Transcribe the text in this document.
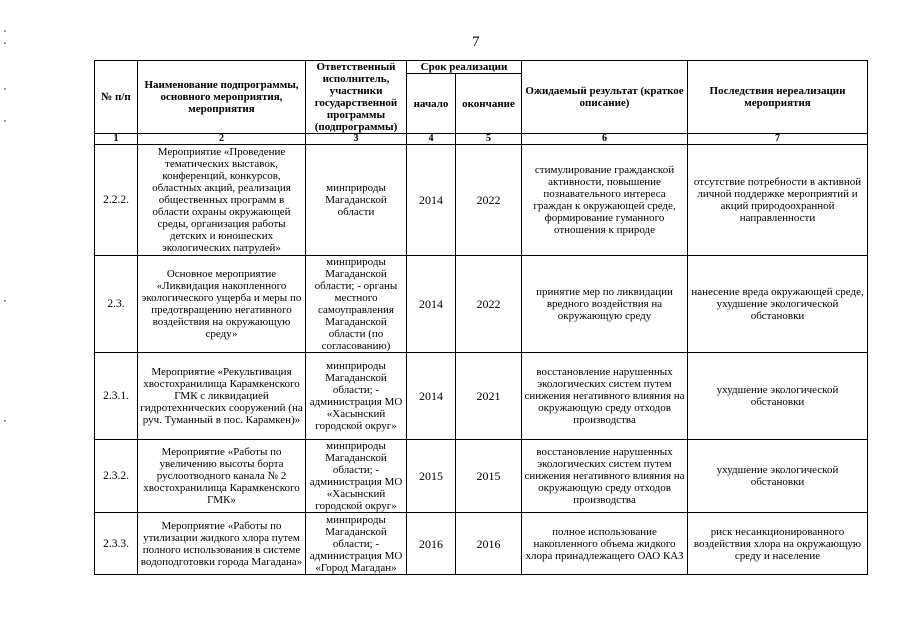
7
№ п/п	Наименование подпрограммы, основного мероприятия, мероприятия	Ответственный исполнитель, участники государственной программы (подпрограммы)	Срок реализации		Ожидаемый результат (краткое описание)	Последствия нереализации мероприятия
			начало	окончание		
1	2	3	4	5	6	7
2.2.2.	Мероприятие «Проведение тематических выставок, конференций, конкурсов, областных акций, реализация общественных программ в области охраны окружающей среды, организация работы детских и юношеских экологических патрулей»	минприроды Магаданской области	2014	2022	стимулирование гражданской активности, повышение познавательного интереса граждан к окружающей среде, формирование гуманного отношения к природе	отсутствие потребности в активной личной поддержке мероприятий и акций природоохранной направленности
2.3.	Основное мероприятие «Ликвидация накопленного экологического ущерба и меры по предотвращению негативного воздействия на окружающую среду»	минприроды Магаданской области; - органы местного самоуправления Магаданской области (по согласованию)	2014	2022	принятие мер по ликвидации вредного воздействия на окружающую среду	нанесение вреда окружающей среде, ухудшение экологической обстановки
2.3.1.	Мероприятие «Рекультивация хвостохранилища Карамкенского ГМК с ликвидацией гидротехнических сооружений (на руч. Туманный в пос. Карамкен)»	минприроды Магаданской области; - администрация МО «Хасынский городской округ»	2014	2021	восстановление нарушенных экологических систем путем снижения негативного влияния на окружающую среду отходов производства	ухудшение экологической обстановки
2.3.2.	Мероприятие «Работы по увеличению высоты борта руслоотводного канала № 2 хвостохранилища Карамкенского ГМК»	минприроды Магаданской области; - администрация МО «Хасынский городской округ»	2015	2015	восстановление нарушенных экологических систем путем снижения негативного влияния на окружающую среду отходов производства	ухудшение экологической обстановки
2.3.3.	Мероприятие «Работы по утилизации жидкого хлора путем полного использования в системе водоподготовки города Магадана»	минприроды Магаданской области; - администрация МО «Город Магадан»	2016	2016	полное использование накопленного объема жидкого хлора принадлежащего ОАО КАЗ	риск несанкционированного воздействия хлора на окружающую среду и население
